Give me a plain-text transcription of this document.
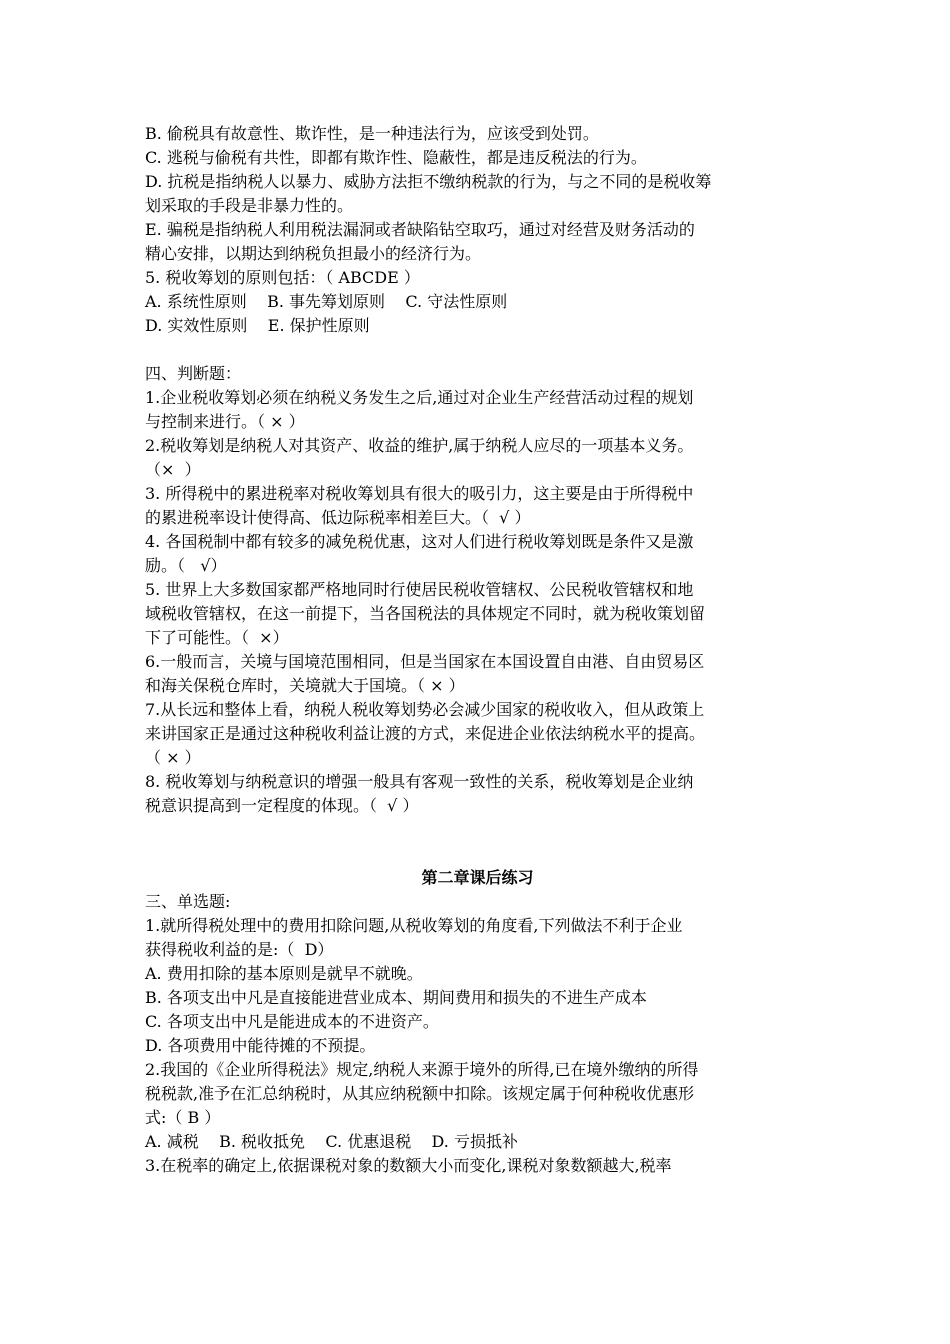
B. 偷税具有故意性、欺诈性，是一种违法行为，应该受到处罚。
C. 逃税与偷税有共性，即都有欺诈性、隐蔽性，都是违反税法的行为。
D. 抗税是指纳税人以暴力、威胁方法拒不缴纳税款的行为，与之不同的是税收筹
划采取的手段是非暴力性的。
E. 骗税是指纳税人利用税法漏洞或者缺陷钻空取巧，通过对经营及财务活动的
精心安排，以期达到纳税负担最小的经济行为。
5. 税收筹划的原则包括：（ ABCDE ）
A. 系统性原则    B. 事先筹划原则    C. 守法性原则
D. 实效性原则    E. 保护性原则
四、判断题：
1.企业税收筹划必须在纳税义务发生之后,通过对企业生产经营活动过程的规划
与控制来进行。（ × ）
2.税收筹划是纳税人对其资产、收益的维护,属于纳税人应尽的一项基本义务。
（×  ）
3. 所得税中的累进税率对税收筹划具有很大的吸引力，这主要是由于所得税中
的累进税率设计使得高、低边际税率相差巨大。（  √ ）
4. 各国税制中都有较多的减免税优惠，这对人们进行税收筹划既是条件又是激
励。（   √）
5. 世界上大多数国家都严格地同时行使居民税收管辖权、公民税收管辖权和地
域税收管辖权，在这一前提下，当各国税法的具体规定不同时，就为税收策划留
下了可能性。（  ×）
6.一般而言，关境与国境范围相同，但是当国家在本国设置自由港、自由贸易区
和海关保税仓库时，关境就大于国境。（ × ）
7.从长远和整体上看，纳税人税收筹划势必会减少国家的税收收入，但从政策上
来讲国家正是通过这种税收利益让渡的方式，来促进企业依法纳税水平的提高。
（ × ）
8. 税收筹划与纳税意识的增强一般具有客观一致性的关系，税收筹划是企业纳
税意识提高到一定程度的体现。（  √ ）
第二章课后练习
三、单选题:
1.就所得税处理中的费用扣除问题,从税收筹划的角度看,下列做法不利于企业
获得税收利益的是:（  D）
A. 费用扣除的基本原则是就早不就晚。
B. 各项支出中凡是直接能进营业成本、期间费用和损失的不进生产成本
C. 各项支出中凡是能进成本的不进资产。
D. 各项费用中能待摊的不预提。
2.我国的《企业所得税法》规定,纳税人来源于境外的所得,已在境外缴纳的所得
税税款,准予在汇总纳税时，从其应纳税额中扣除。该规定属于何种税收优惠形
式:（ B ）
A. 减税    B. 税收抵免    C. 优惠退税    D. 亏损抵补
3.在税率的确定上,依据课税对象的数额大小而变化,课税对象数额越大,税率
